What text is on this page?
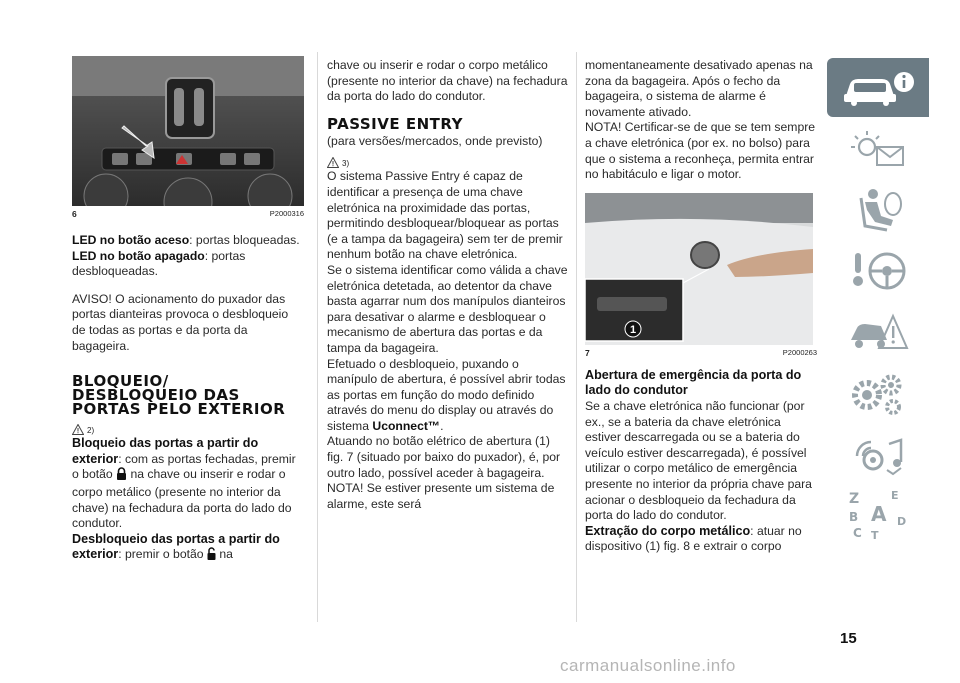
6	P2000316

LED no botão aceso: portas bloqueadas.

LED no botão apagado: portas desbloqueadas.

AVISO! O acionamento do puxador das portas dianteiras provoca o desbloqueio de todas as portas e da porta da bagageira.

BLOQUEIO/ DESBLOQUEIO DAS PORTAS PELO EXTERIOR
2)

Bloqueio das portas a partir do exterior: com as portas fechadas, premir o botão  na chave ou inserir e rodar o corpo metálico (presente no interior da chave) na fechadura da porta do lado do condutor.

Desbloqueio das portas a partir do exterior: premir o botão  na

chave ou inserir e rodar o corpo metálico (presente no interior da chave) na fechadura da porta do lado do condutor.

PASSIVE ENTRY

(para versões/mercados, onde previsto)

3)

O sistema Passive Entry é capaz de identificar a presença de uma chave eletrónica na proximidade das portas, permitindo desbloquear/bloquear as portas (e a tampa da bagageira) sem ter de premir nenhum botão na chave eletrónica.

Se o sistema identificar como válida a chave eletrónica detetada, ao detentor da chave basta agarrar num dos manípulos dianteiros para desativar o alarme e desbloquear o mecanismo de abertura das portas e da tampa da bagageira.

Efetuado o desbloqueio, puxando o manípulo de abertura, é possível abrir todas as portas em função do modo definido através do menu do display ou através do sistema Uconnect™.

Atuando no botão elétrico de abertura (1) fig. 7 (situado por baixo do puxador), é, por outro lado, possível aceder à bagageira.

NOTA! Se estiver presente um sistema de alarme, este será

momentaneamente desativado apenas na zona da bagageira. Após o fecho da bagageira, o sistema de alarme é novamente ativado.

NOTA! Certificar-se de que se tem sempre a chave eletrónica (por ex. no bolso) para que o sistema a reconheça, permita entrar no habitáculo e ligar o motor.

1
7	P2000263

Abertura de emergência da porta do lado do condutor

Se a chave eletrónica não funcionar (por ex., se a bateria da chave eletrónica estiver descarregada ou se a bateria do veículo estiver descarregada), é possível utilizar o corpo metálico de emergência presente no interior da própria chave para acionar o desbloqueio da fechadura da porta do lado do condutor.

Extração do corpo metálico: atuar no dispositivo (1) fig. 8 e extrair o corpo

Z	E
B A
C T
D
15
carmanualsonline.info
